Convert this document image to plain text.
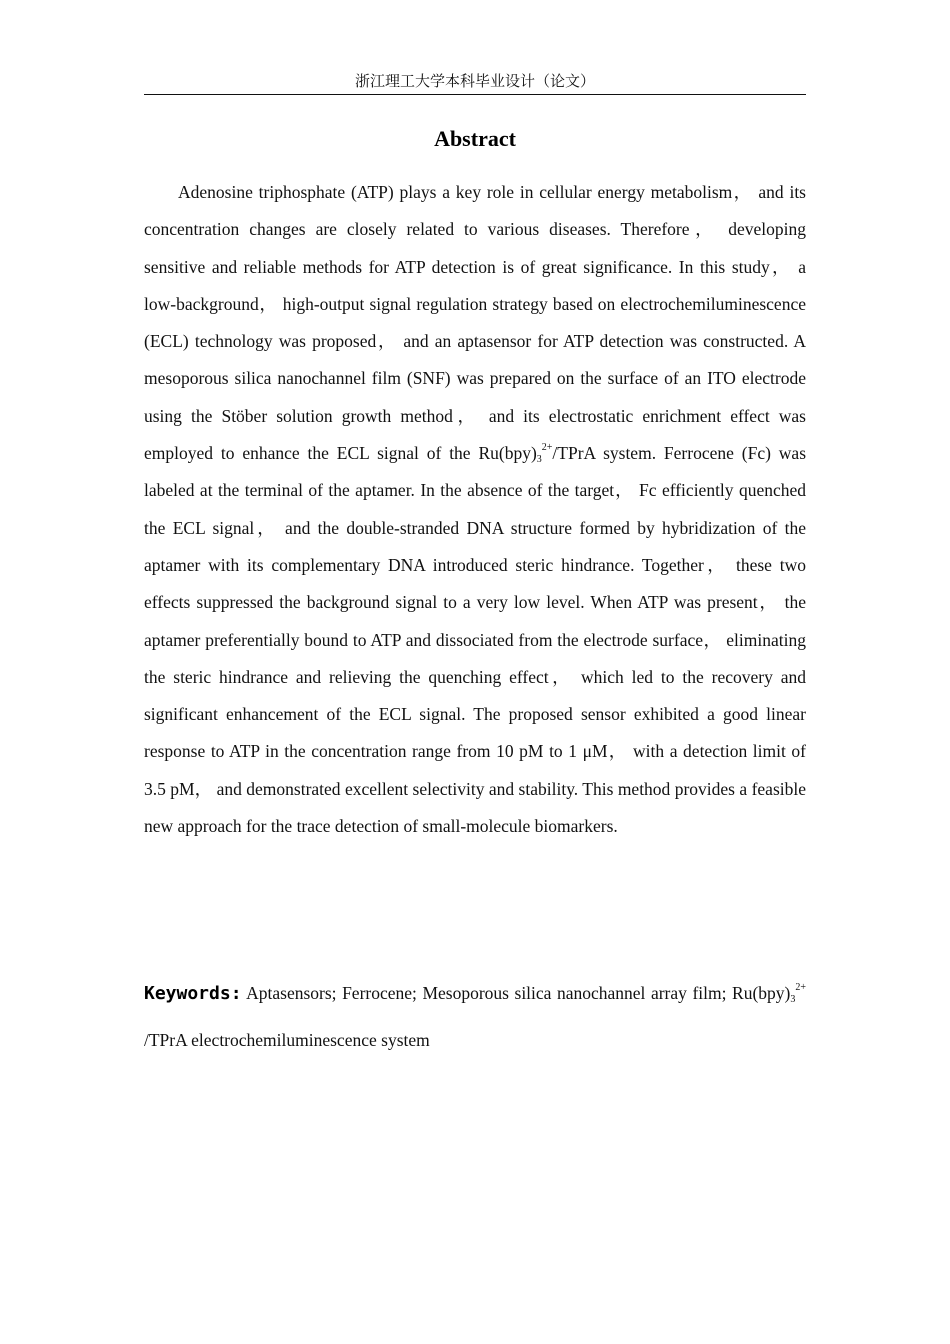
浙江理工大学本科毕业设计（论文）
Abstract

Adenosine triphosphate (ATP) plays a key role in cellular energy metabolism， and its concentration changes are closely related to various diseases. Therefore， developing sensitive and reliable methods for ATP detection is of great significance. In this study， a low-background， high-output signal regulation strategy based on electrochemiluminescence (ECL) technology was proposed， and an aptasensor for ATP detection was constructed. A mesoporous silica nanochannel film (SNF) was prepared on the surface of an ITO electrode using the Stöber solution growth method， and its electrostatic enrichment effect was employed to enhance the ECL signal of the $Ru(bpy)_3^{2+}$/TPrA system. Ferrocene (Fc) was labeled at the terminal of the aptamer. In the absence of the target， Fc efficiently quenched the ECL signal， and the double-stranded DNA structure formed by hybridization of the aptamer with its complementary DNA introduced steric hindrance. Together， these two effects suppressed the background signal to a very low level. When ATP was present， the aptamer preferentially bound to ATP and dissociated from the electrode surface， eliminating the steric hindrance and relieving the quenching effect， which led to the recovery and significant enhancement of the ECL signal. The proposed sensor exhibited a good linear response to ATP in the concentration range from 10 pM to 1 μM， with a detection limit of 3.5 pM， and demonstrated excellent selectivity and stability. This method provides a feasible new approach for the trace detection of small-molecule biomarkers.

Keywords: Aptasensors; Ferrocene; Mesoporous silica nanochannel array film; $Ru(bpy)_3^{2+}$ /TPrA electrochemiluminescence system
